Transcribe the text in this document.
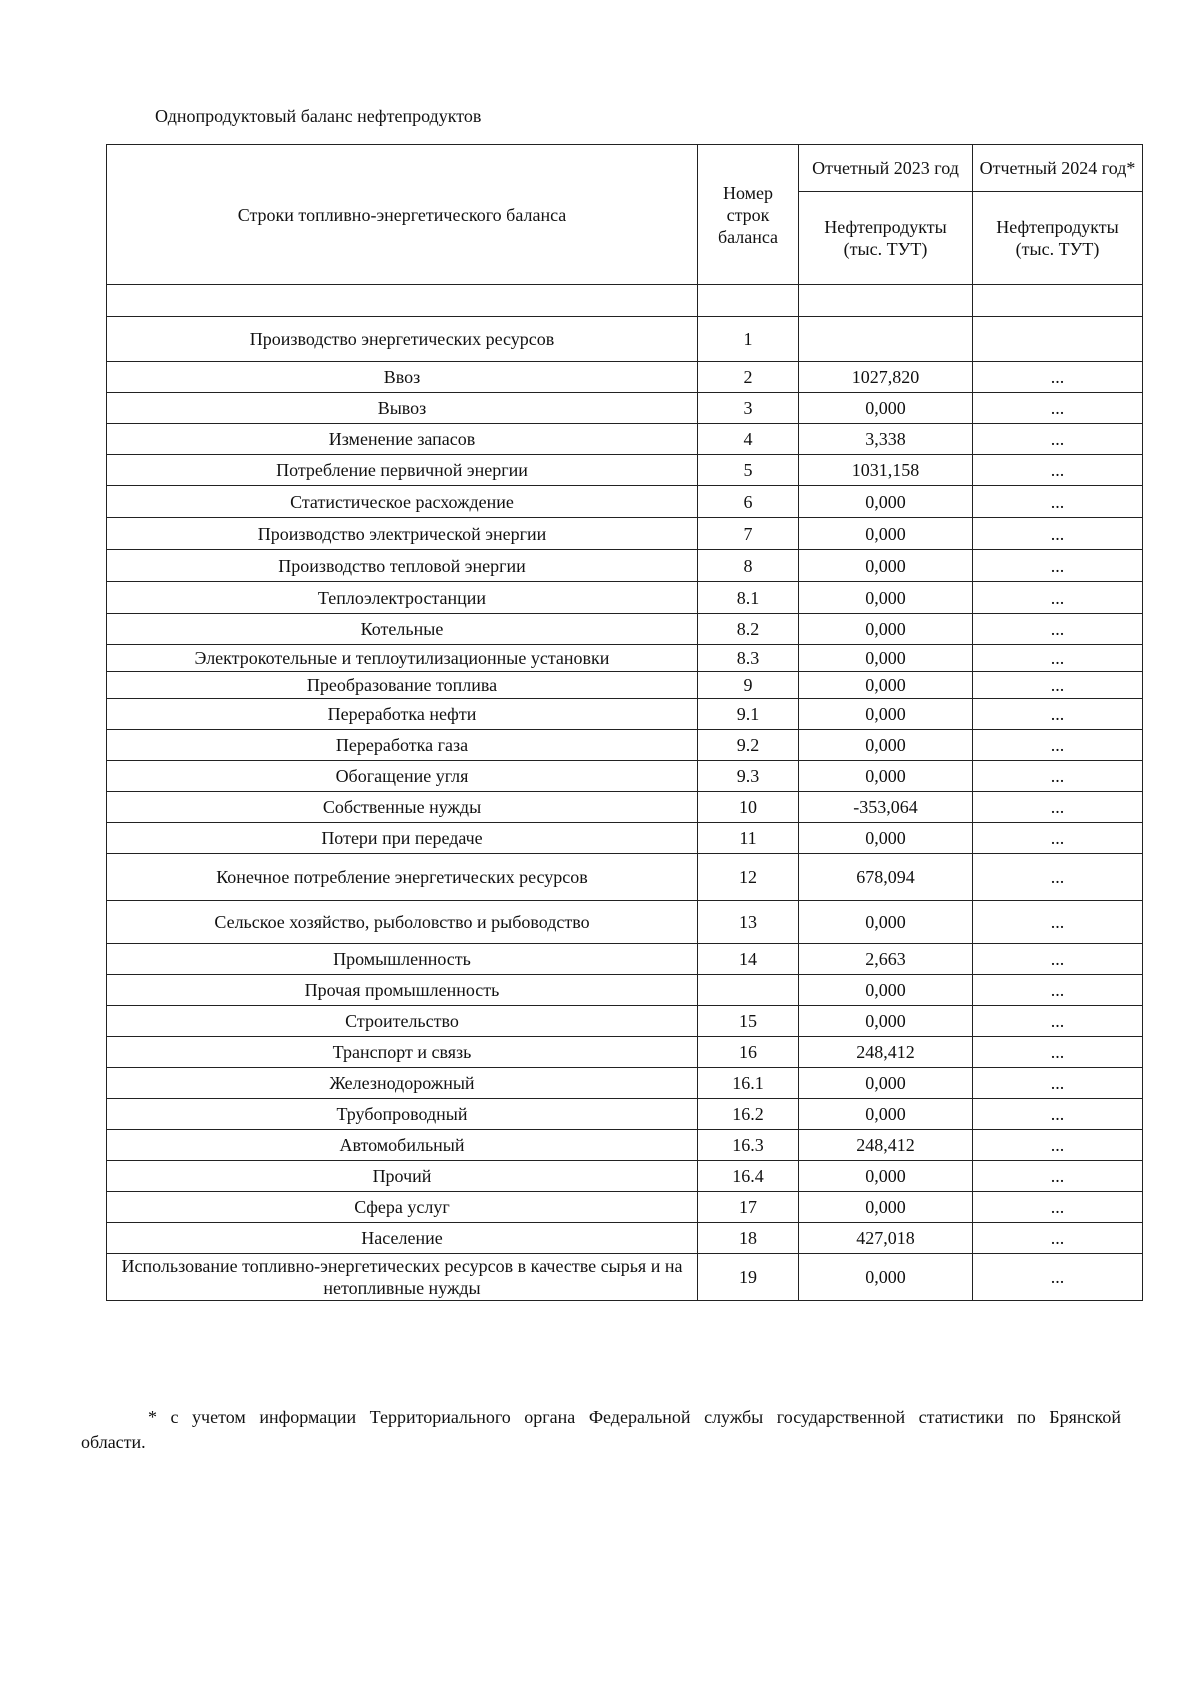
Однопродуктовый баланс нефтепродуктов
Строки топливно-энергетического баланса	Номер строк баланса	Отчетный 2023 год	Отчетный 2024 год*
		Нефтепродукты (тыс. ТУТ)	Нефтепродукты (тыс. ТУТ)

Производство энергетических ресурсов	1		
Ввоз	2	1027,820	...
Вывоз	3	0,000	...
Изменение запасов	4	3,338	...
Потребление первичной энергии	5	1031,158	...
Статистическое расхождение	6	0,000	...
Производство электрической энергии	7	0,000	...
Производство тепловой энергии	8	0,000	...
Теплоэлектростанции	8.1	0,000	...
Котельные	8.2	0,000	...
Электрокотельные и теплоутилизационные установки	8.3	0,000	...
Преобразование топлива	9	0,000	...
Переработка нефти	9.1	0,000	...
Переработка газа	9.2	0,000	...
Обогащение угля	9.3	0,000	...
Собственные нужды	10	-353,064	...
Потери при передаче	11	0,000	...
Конечное потребление энергетических ресурсов	12	678,094	...
Сельское хозяйство, рыболовство и рыбоводство	13	0,000	...
Промышленность	14	2,663	...
Прочая промышленность		0,000	...
Строительство	15	0,000	...
Транспорт и связь	16	248,412	...
Железнодорожный	16.1	0,000	...
Трубопроводный	16.2	0,000	...
Автомобильный	16.3	248,412	...
Прочий	16.4	0,000	...
Сфера услуг	17	0,000	...
Население	18	427,018	...
Использование топливно-энергетических ресурсов в качестве сырья и на нетопливные нужды	19	0,000	...
* с учетом информации Территориального органа Федеральной службы государственной статистики по Брянской области.
